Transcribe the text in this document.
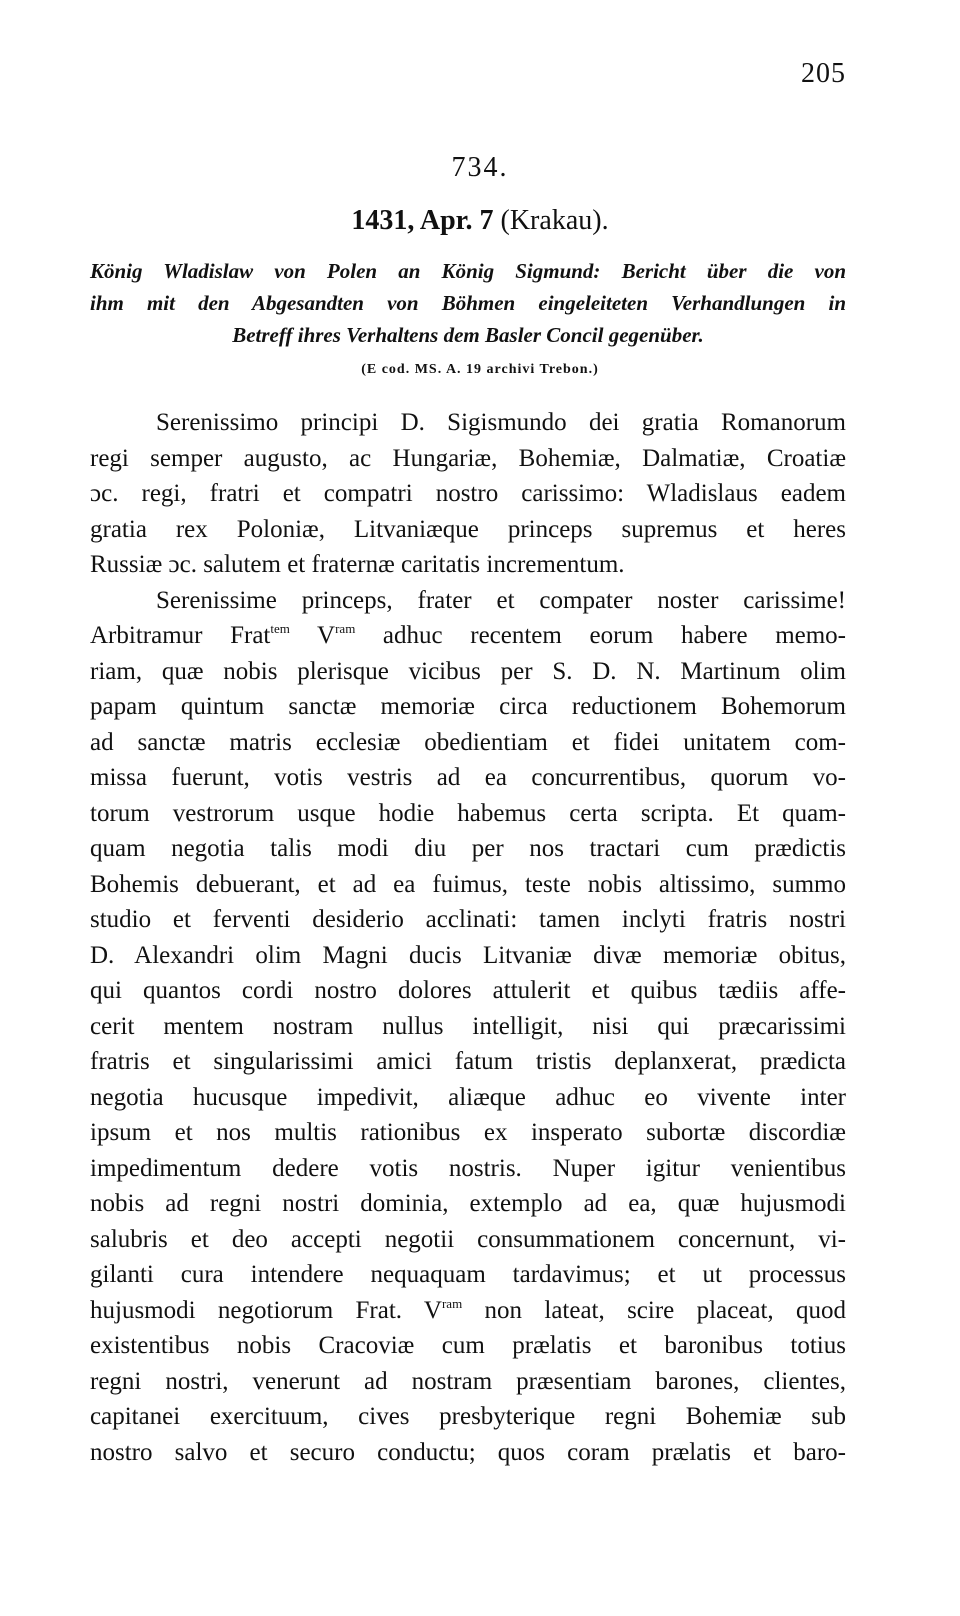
205
734.
1431, Apr. 7 (Krakau).
König Wladislaw von Polen an König Sigmund: Bericht über die von
ihm mit den Abgesandten von Böhmen eingeleiteten Verhandlungen in
Betreff ihres Verhaltens dem Basler Concil gegenüber.
(E cod. MS. A. 19 archivi Trebon.)
Serenissimo principi D. Sigismundo dei gratia Romanorum
regi semper augusto, ac Hungariæ, Bohemiæ, Dalmatiæ, Croatiæ
ɔc. regi, fratri et compatri nostro carissimo: Wladislaus eadem
gratia rex Poloniæ, Litvaniæque princeps supremus et heres
Russiæ ɔc. salutem et fraternæ caritatis incrementum.
Serenissime princeps, frater et compater noster carissime!
Arbitramur Frat$^{tem}$ $V^{ram}$ adhuc recentem eorum habere memo-
riam, quæ nobis plerisque vicibus per S. D. N. Martinum olim
papam quintum sanctæ memoriæ circa reductionem Bohemorum
ad sanctæ matris ecclesiæ obedientiam et fidei unitatem com-
missa fuerunt, votis vestris ad ea concurrentibus, quorum vo-
torum vestrorum usque hodie habemus certa scripta. Et quam-
quam negotia talis modi diu per nos tractari cum prædictis
Bohemis debuerant, et ad ea fuimus, teste nobis altissimo, summo
studio et ferventi desiderio acclinati: tamen inclyti fratris nostri
D. Alexandri olim Magni ducis Litvaniæ divæ memoriæ obitus,
qui quantos cordi nostro dolores attulerit et quibus tædiis affe-
cerit mentem nostram nullus intelligit, nisi qui præcarissimi
fratris et singularissimi amici fatum tristis deplanxerat, prædicta
negotia hucusque impedivit, aliæque adhuc eo vivente inter
ipsum et nos multis rationibus ex insperato subortæ discordiæ
impedimentum dedere votis nostris. Nuper igitur venientibus
nobis ad regni nostri dominia, extemplo ad ea, quæ hujusmodi
salubris et deo accepti negotii consummationem concernunt, vi-
gilanti cura intendere nequaquam tardavimus; et ut processus
hujusmodi negotiorum Frat. $V^{ram}$ non lateat, scire placeat, quod
existentibus nobis Cracoviæ cum prælatis et baronibus totius
regni nostri, venerunt ad nostram præsentiam barones, clientes,
capitanei exercituum, cives presbyterique regni Bohemiæ sub
nostro salvo et securo conductu; quos coram prælatis et baro-
